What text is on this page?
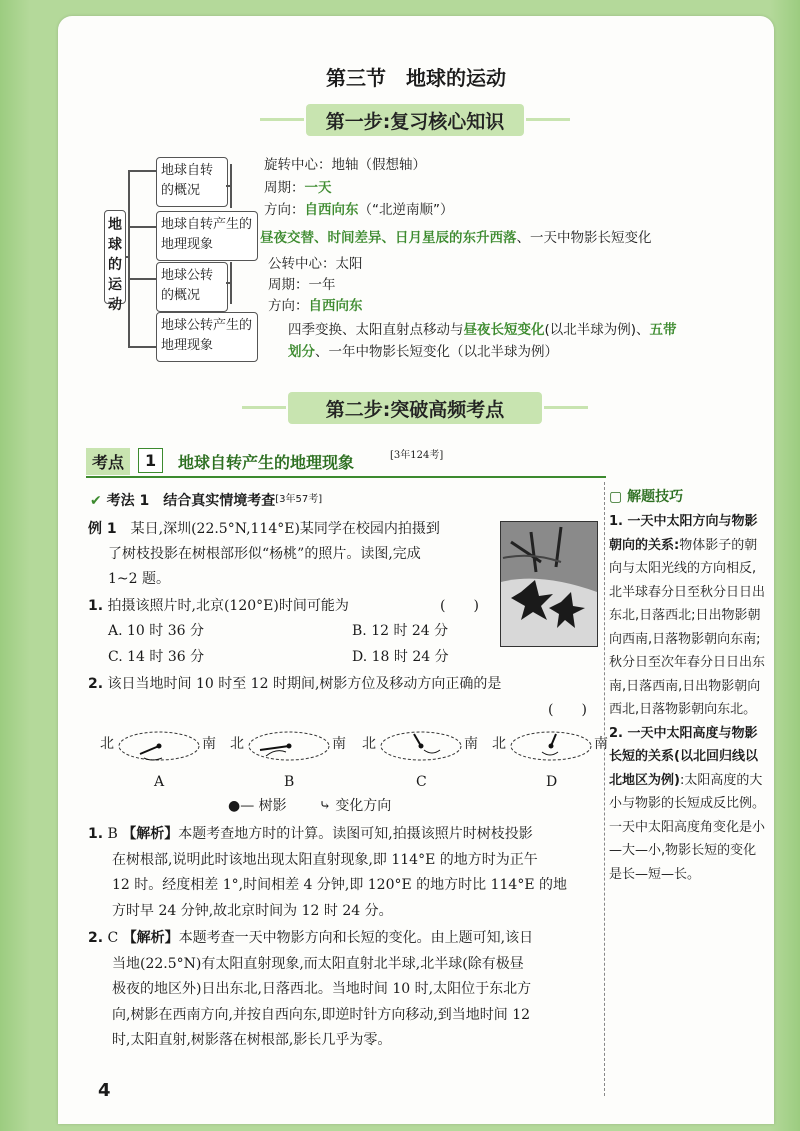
第三节　地球的运动
第一步:复习核心知识
地球的运动
地球自转的概况
地球自转产生的地理现象
地球公转的概况
地球公转产生的地理现象
旋转中心：地轴（假想轴）
周期：一天
方向：自西向东（“北逆南顺”）
昼夜交替、时间差异、日月星辰的东升西落、一天中物影长短变化
公转中心：太阳
周期：一年
方向：自西向东
四季变换、太阳直射点移动与昼夜长短变化(以北半球为例)、五带
划分、一年中物影长短变化（以北半球为例）
第二步:突破高频考点
考点	1	地球自转产生的地理现象	[3年124考]
✔ 考法 1　 结合真实情境考查[3年57考]
例 1　 某日,深圳(22.5°N,114°E)某同学在校园内拍摄到
了树枝投影在树根部形似“杨桃”的照片。读图,完成
1~2 题。
1. 拍摄该照片时,北京(120°E)时间可能为	(　　)
A. 10 时 36 分	B. 12 时 24 分
C. 14 时 36 分	D. 18 时 24 分
2. 该日当地时间 10 时至 12 时期间,树影方位及移动方向正确的是
(　　)
北	南
A
北	南
B
北	南
C
北	南
D
●— 树影　　 ⤷ 变化方向
1. B 【解析】本题考查地方时的计算。读图可知,拍摄该照片时树枝投影
在树根部,说明此时该地出现太阳直射现象,即 114°E 的地方时为正午
12 时。经度相差 1°,时间相差 4 分钟,即 120°E 的地方时比 114°E 的地
方时早 24 分钟,故北京时间为 12 时 24 分。
2. C 【解析】本题考查一天中物影方向和长短的变化。由上题可知,该日
当地(22.5°N)有太阳直射现象,而太阳直射北半球,北半球(除有极昼
极夜的地区外)日出东北,日落西北。当地时间 10 时,太阳位于东北方
向,树影在西南方向,并按自西向东,即逆时针方向移动,到当地时间 12
时,太阳直射,树影落在树根部,影长几乎为零。
▢ 解题技巧

1. 一天中太阳方向与物影朝向的关系:物体影子的朝向与太阳光线的方向相反,北半球春分日至秋分日日出东北,日落西北;日出物影朝向西南,日落物影朝向东南;秋分日至次年春分日日出东南,日落西南,日出物影朝向西北,日落物影朝向东北。

2. 一天中太阳高度与物影长短的关系(以北回归线以北地区为例):太阳高度的大小与物影的长短成反比例。一天中太阳高度角变化是小—大—小,物影长短的变化是长—短—长。

4
